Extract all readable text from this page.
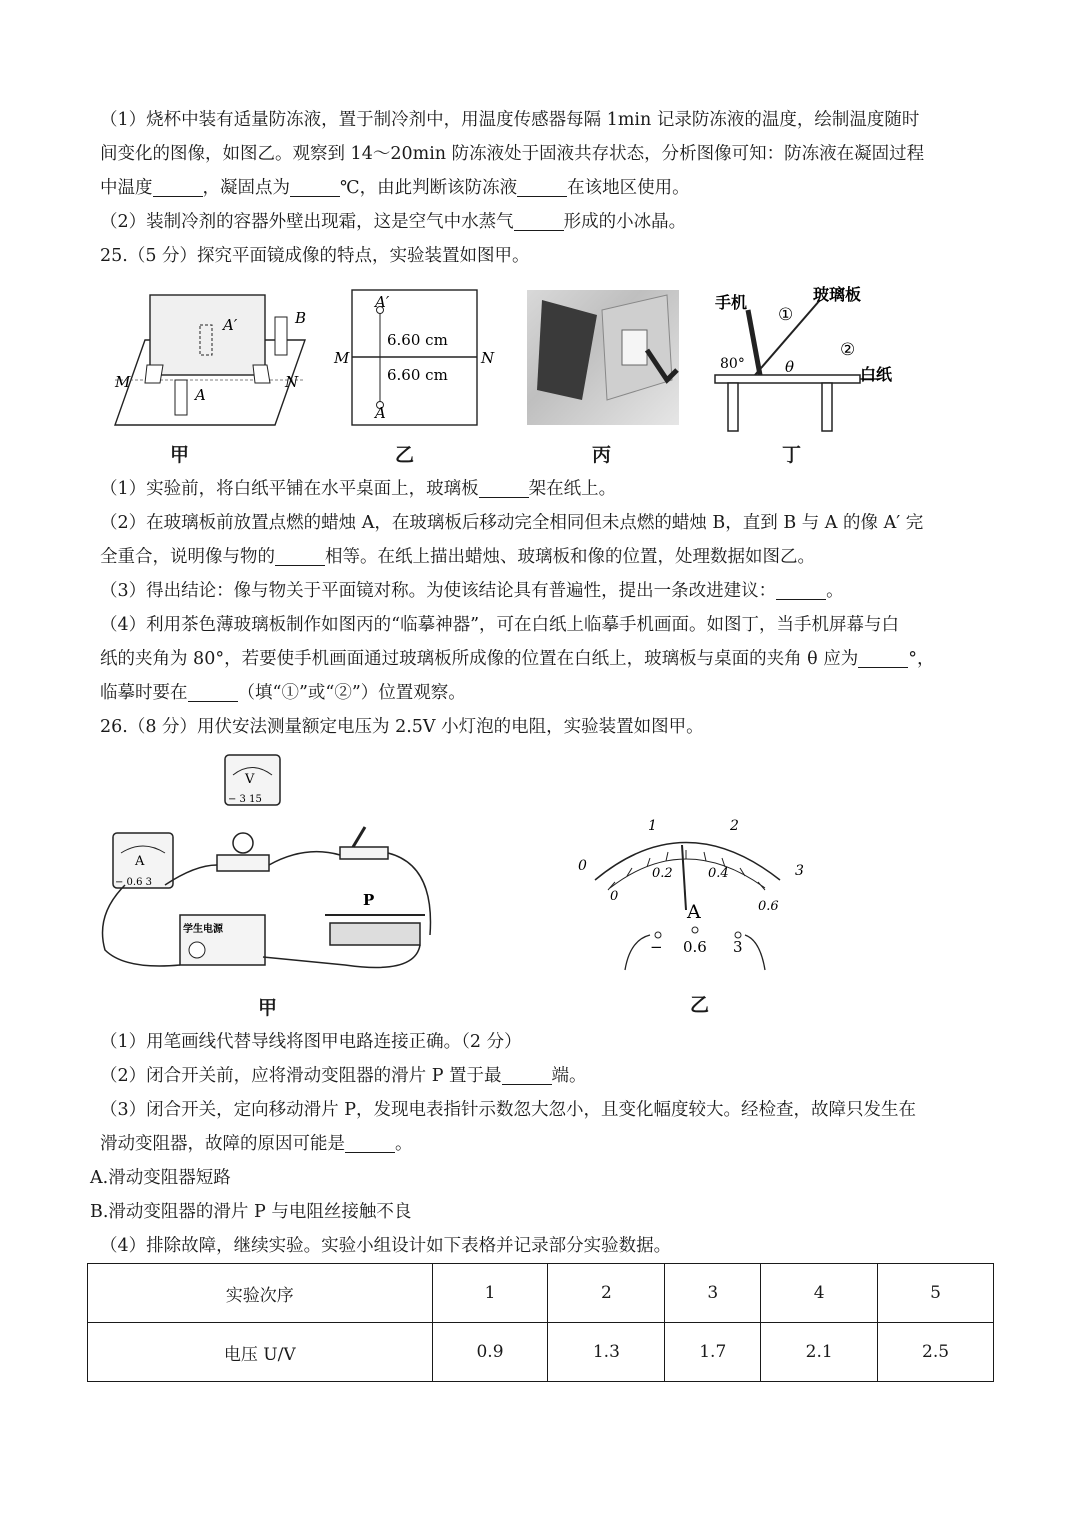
（1）烧杯中装有适量防冻液，置于制冷剂中，用温度传感器每隔 1min 记录防冻液的温度，绘制温度随时
间变化的图像，如图乙。观察到 14～20min 防冻液处于固液共存状态，分析图像可知：防冻液在凝固过程
中温度	，凝固点为	℃，由此判断该防冻液	在该地区使用。
（2）装制冷剂的容器外壁出现霜，这是空气中水蒸气	形成的小冰晶。
25.（5 分）探究平面镜成像的特点，实验装置如图甲。
A′	B
A
M	N
甲
A′
A
6.60 cm
6.60 cm
M	N
乙	丙
手机	玻璃板
白纸
80°	θ
①
②
丁
（1）实验前，将白纸平铺在水平桌面上，玻璃板	架在纸上。
（2）在玻璃板前放置点燃的蜡烛 A，在玻璃板后移动完全相同但未点燃的蜡烛 B，直到 B 与 A 的像 A′ 完
全重合，说明像与物的	相等。在纸上描出蜡烛、玻璃板和像的位置，处理数据如图乙。
（3）得出结论：像与物关于平面镜对称。为使该结论具有普遍性，提出一条改进建议：	。
（4）利用茶色薄玻璃板制作如图丙的“临摹神器”，可在白纸上临摹手机画面。如图丁，当手机屏幕与白
纸的夹角为 80°，若要使手机画面通过玻璃板所成像的位置在白纸上，玻璃板与桌面的夹角 θ 应为	°，
临摹时要在	（填“①”或“②”）位置观察。
26.（8 分）用伏安法测量额定电压为 2.5V 小灯泡的电阻，实验装置如图甲。
V
− 3 15
A
− 0.6 3
学生电源
P
甲
0
1	2
3
0
0.2	0.4
0.6
A
− 0.6 3
乙
（1）用笔画线代替导线将图甲电路连接正确。（2 分）
（2）闭合开关前，应将滑动变阻器的滑片 P 置于最	端。
（3）闭合开关，定向移动滑片 P，发现电表指针示数忽大忽小，且变化幅度较大。经检查，故障只发生在
滑动变阻器，故障的原因可能是	。
A.滑动变阻器短路
B.滑动变阻器的滑片 P 与电阻丝接触不良
（4）排除故障，继续实验。实验小组设计如下表格并记录部分实验数据。
实验次序	1	2	3	4	5
电压 U/V	0.9	1.3	1.7	2.1	2.5
